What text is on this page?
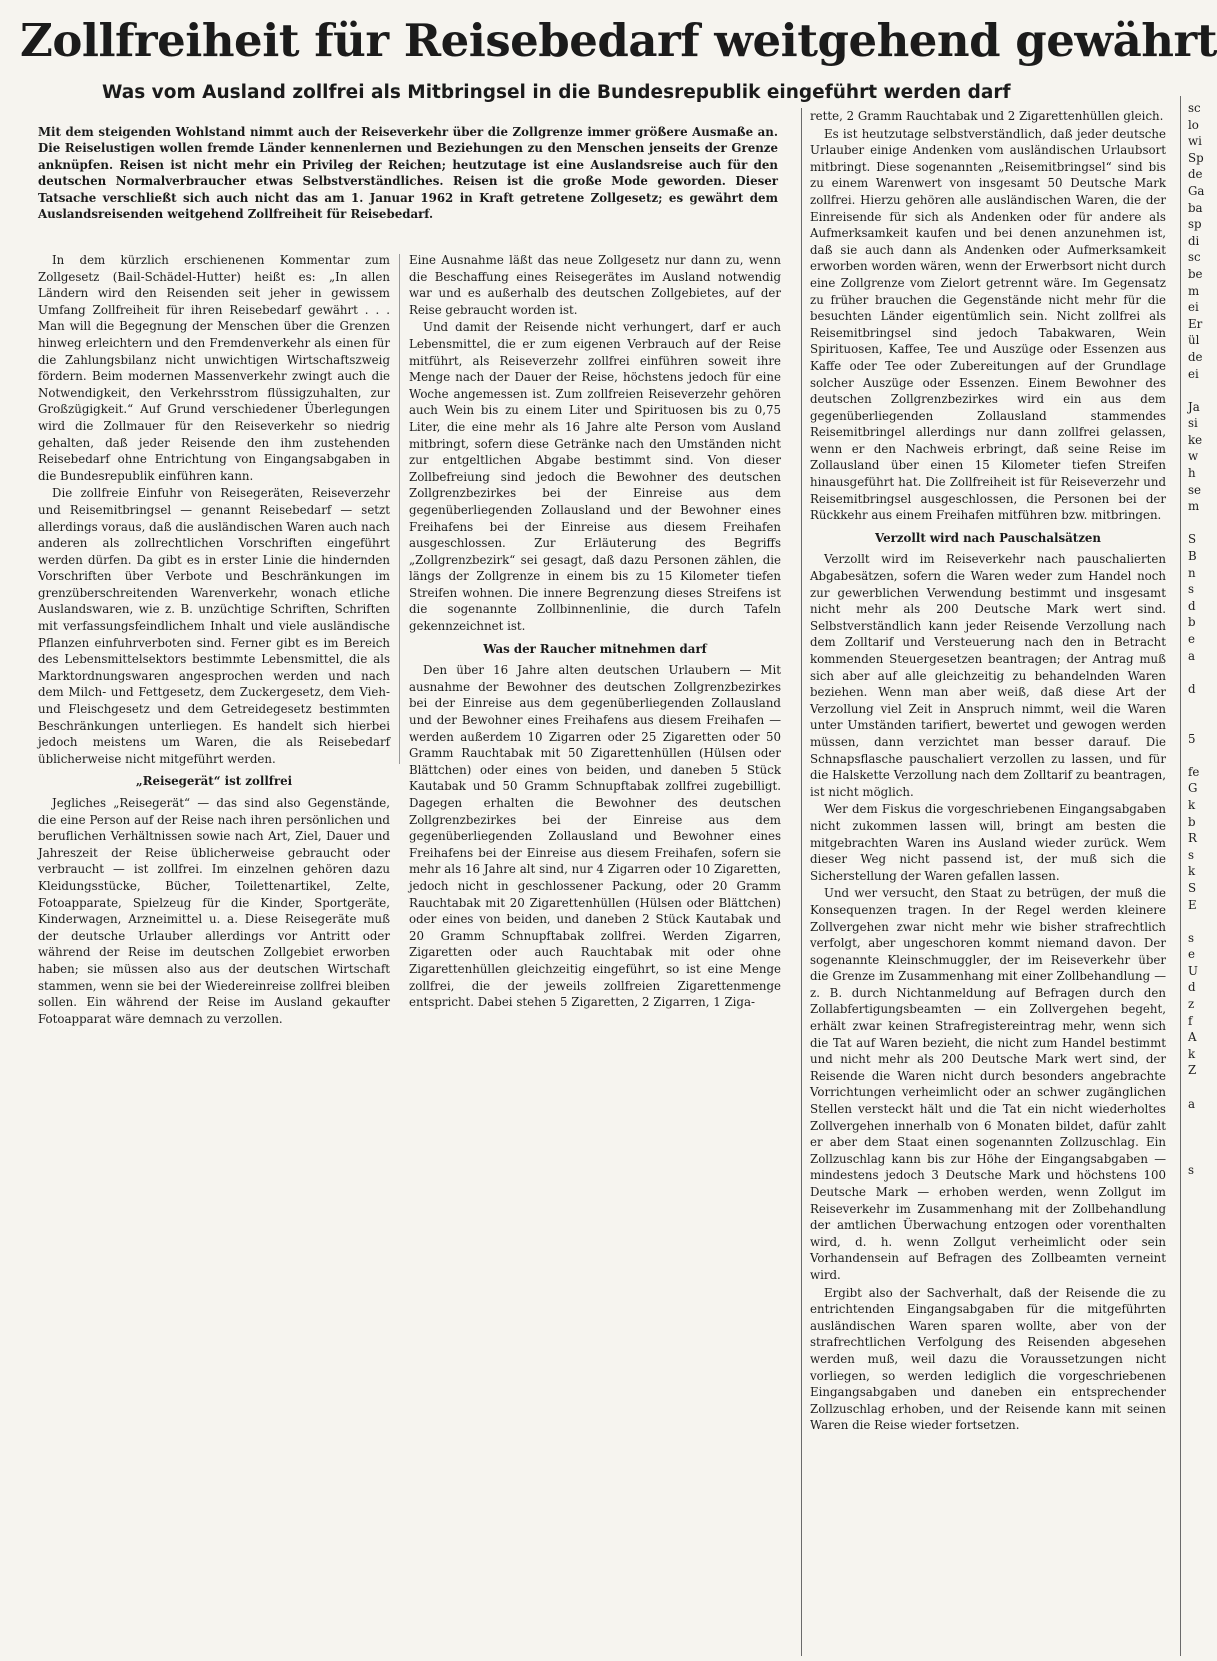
Zollfreiheit für Reisebedarf weitgehend gewährt
Was vom Ausland zollfrei als Mitbringsel in die Bundesrepublik eingeführt werden darf
Mit dem steigenden Wohlstand nimmt auch der Reiseverkehr über die Zollgrenze immer größere Ausmaße an. Die Reiselustigen wollen fremde Länder kennenlernen und Beziehungen zu den Menschen jenseits der Grenze anknüpfen. Reisen ist nicht mehr ein Privileg der Reichen; heutzutage ist eine Auslandsreise auch für den deutschen Normalverbraucher etwas Selbstverständliches. Reisen ist die große Mode geworden. Dieser Tatsache verschließt sich auch nicht das am 1. Januar 1962 in Kraft getretene Zollgesetz; es gewährt dem Auslandsreisenden weitgehend Zollfreiheit für Reisebedarf.

In dem kürzlich erschienenen Kommentar zum Zollgesetz (Bail-Schädel-Hutter) heißt es: „In allen Ländern wird den Reisenden seit jeher in gewissem Umfang Zollfreiheit für ihren Reisebedarf gewährt . . . Man will die Begegnung der Menschen über die Grenzen hinweg erleichtern und den Fremdenverkehr als einen für die Zahlungsbilanz nicht unwichtigen Wirtschaftszweig fördern. Beim modernen Massenverkehr zwingt auch die Notwendigkeit, den Verkehrsstrom flüssigzuhalten, zur Großzügigkeit.“ Auf Grund verschiedener Überlegungen wird die Zollmauer für den Reiseverkehr so niedrig gehalten, daß jeder Reisende den ihm zustehenden Reisebedarf ohne Entrichtung von Eingangsabgaben in die Bundesrepublik einführen kann.

Die zollfreie Einfuhr von Reisegeräten, Reiseverzehr und Reisemitbringsel — genannt Reisebedarf — setzt allerdings voraus, daß die ausländischen Waren auch nach anderen als zollrechtlichen Vorschriften eingeführt werden dürfen. Da gibt es in erster Linie die hindernden Vorschriften über Verbote und Beschränkungen im grenzüberschreitenden Warenverkehr, wonach etliche Auslandswaren, wie z. B. unzüchtige Schriften, Schriften mit verfassungsfeindlichem Inhalt und viele ausländische Pflanzen einfuhrverboten sind. Ferner gibt es im Bereich des Lebensmittelsektors bestimmte Lebensmittel, die als Marktordnungswaren angesprochen werden und nach dem Milch- und Fettgesetz, dem Zuckergesetz, dem Vieh- und Fleischgesetz und dem Getreidegesetz bestimmten Beschränkungen unterliegen. Es handelt sich hierbei jedoch meistens um Waren, die als Reisebedarf üblicherweise nicht mitgeführt werden.

„Reisegerät“ ist zollfrei

Jegliches „Reisegerät“ — das sind also Gegenstände, die eine Person auf der Reise nach ihren persönlichen und beruflichen Verhältnissen sowie nach Art, Ziel, Dauer und Jahreszeit der Reise üblicherweise gebraucht oder verbraucht — ist zollfrei. Im einzelnen gehören dazu Kleidungsstücke, Bücher, Toilettenartikel, Zelte, Fotoapparate, Spielzeug für die Kinder, Sportgeräte, Kinderwagen, Arzneimittel u. a. Diese Reisegeräte muß der deutsche Urlauber allerdings vor Antritt oder während der Reise im deutschen Zollgebiet erworben haben; sie müssen also aus der deutschen Wirtschaft stammen, wenn sie bei der Wiedereinreise zollfrei bleiben sollen. Ein während der Reise im Ausland gekaufter Fotoapparat wäre demnach zu verzollen.

Eine Ausnahme läßt das neue Zollgesetz nur dann zu, wenn die Beschaffung eines Reisegerätes im Ausland notwendig war und es außerhalb des deutschen Zollgebietes, auf der Reise gebraucht worden ist.

Und damit der Reisende nicht verhungert, darf er auch Lebensmittel, die er zum eigenen Verbrauch auf der Reise mitführt, als Reiseverzehr zollfrei einführen soweit ihre Menge nach der Dauer der Reise, höchstens jedoch für eine Woche angemessen ist. Zum zollfreien Reiseverzehr gehören auch Wein bis zu einem Liter und Spirituosen bis zu 0,75 Liter, die eine mehr als 16 Jahre alte Person vom Ausland mitbringt, sofern diese Getränke nach den Umständen nicht zur entgeltlichen Abgabe bestimmt sind. Von dieser Zollbefreiung sind jedoch die Bewohner des deutschen Zollgrenzbezirkes bei der Einreise aus dem gegenüberliegenden Zollausland und der Bewohner eines Freihafens bei der Einreise aus diesem Freihafen ausgeschlossen. Zur Erläuterung des Begriffs „Zollgrenzbezirk“ sei gesagt, daß dazu Personen zählen, die längs der Zollgrenze in einem bis zu 15 Kilometer tiefen Streifen wohnen. Die innere Begrenzung dieses Streifens ist die sogenannte Zollbinnenlinie, die durch Tafeln gekennzeichnet ist.

Was der Raucher mitnehmen darf

Den über 16 Jahre alten deutschen Urlaubern — Mit ausnahme der Bewohner des deutschen Zollgrenzbezirkes bei der Einreise aus dem gegenüberliegenden Zollausland und der Bewohner eines Freihafens aus diesem Freihafen — werden außerdem 10 Zigarren oder 25 Zigaretten oder 50 Gramm Rauchtabak mit 50 Zigarettenhüllen (Hülsen oder Blättchen) oder eines von beiden, und daneben 5 Stück Kautabak und 50 Gramm Schnupftabak zollfrei zugebilligt. Dagegen erhalten die Bewohner des deutschen Zollgrenzbezirkes bei der Einreise aus dem gegenüberliegenden Zollausland und Bewohner eines Freihafens bei der Einreise aus diesem Freihafen, sofern sie mehr als 16 Jahre alt sind, nur 4 Zigarren oder 10 Zigaretten, jedoch nicht in geschlossener Packung, oder 20 Gramm Rauchtabak mit 20 Zigarettenhüllen (Hülsen oder Blättchen) oder eines von beiden, und daneben 2 Stück Kautabak und 20 Gramm Schnupftabak zollfrei. Werden Zigarren, Zigaretten oder auch Rauchtabak mit oder ohne Zigarettenhüllen gleichzeitig eingeführt, so ist eine Menge zollfrei, die der jeweils zollfreien Zigarettenmenge entspricht. Dabei stehen 5 Zigaretten, 2 Zigarren, 1 Ziga-

rette, 2 Gramm Rauchtabak und 2 Zigarettenhüllen gleich.

Es ist heutzutage selbstverständlich, daß jeder deutsche Urlauber einige Andenken vom ausländischen Urlaubsort mitbringt. Diese sogenannten „Reisemitbringsel“ sind bis zu einem Warenwert von insgesamt 50 Deutsche Mark zollfrei. Hierzu gehören alle ausländischen Waren, die der Einreisende für sich als Andenken oder für andere als Aufmerksamkeit kaufen und bei denen anzunehmen ist, daß sie auch dann als Andenken oder Aufmerksamkeit erworben worden wären, wenn der Erwerbsort nicht durch eine Zollgrenze vom Zielort getrennt wäre. Im Gegensatz zu früher brauchen die Gegenstände nicht mehr für die besuchten Länder eigentümlich sein. Nicht zollfrei als Reisemitbringsel sind jedoch Tabakwaren, Wein Spirituosen, Kaffee, Tee und Auszüge oder Essenzen aus Kaffe oder Tee oder Zubereitungen auf der Grundlage solcher Auszüge oder Essenzen. Einem Bewohner des deutschen Zollgrenzbezirkes wird ein aus dem gegenüberliegenden Zollausland stammendes Reisemitbringel allerdings nur dann zollfrei gelassen, wenn er den Nachweis erbringt, daß seine Reise im Zollausland über einen 15 Kilometer tiefen Streifen hinausgeführt hat. Die Zollfreiheit ist für Reiseverzehr und Reisemitbringsel ausgeschlossen, die Personen bei der Rückkehr aus einem Freihafen mitführen bzw. mitbringen.

Verzollt wird nach Pauschalsätzen

Verzollt wird im Reiseverkehr nach pauschalierten Abgabesätzen, sofern die Waren weder zum Handel noch zur gewerblichen Verwendung bestimmt und insgesamt nicht mehr als 200 Deutsche Mark wert sind. Selbstverständlich kann jeder Reisende Verzollung nach dem Zolltarif und Versteuerung nach den in Betracht kommenden Steuergesetzen beantragen; der Antrag muß sich aber auf alle gleichzeitig zu behandelnden Waren beziehen. Wenn man aber weiß, daß diese Art der Verzollung viel Zeit in Anspruch nimmt, weil die Waren unter Umständen tarifiert, bewertet und gewogen werden müssen, dann verzichtet man besser darauf. Die Schnapsflasche pauschaliert verzollen zu lassen, und für die Halskette Verzollung nach dem Zolltarif zu beantragen, ist nicht möglich.

Wer dem Fiskus die vorgeschriebenen Eingangsabgaben nicht zukommen lassen will, bringt am besten die mitgebrachten Waren ins Ausland wieder zurück. Wem dieser Weg nicht passend ist, der muß sich die Sicherstellung der Waren gefallen lassen.

Und wer versucht, den Staat zu betrügen, der muß die Konsequenzen tragen. In der Regel werden kleinere Zollvergehen zwar nicht mehr wie bisher strafrechtlich verfolgt, aber ungeschoren kommt niemand davon. Der sogenannte Kleinschmuggler, der im Reiseverkehr über die Grenze im Zusammenhang mit einer Zollbehandlung — z. B. durch Nichtanmeldung auf Befragen durch den Zollabfertigungsbeamten — ein Zollvergehen begeht, erhält zwar keinen Strafregistereintrag mehr, wenn sich die Tat auf Waren bezieht, die nicht zum Handel bestimmt und nicht mehr als 200 Deutsche Mark wert sind, der Reisende die Waren nicht durch besonders angebrachte Vorrichtungen verheimlicht oder an schwer zugänglichen Stellen versteckt hält und die Tat ein nicht wiederholtes Zollvergehen innerhalb von 6 Monaten bildet, dafür zahlt er aber dem Staat einen sogenannten Zollzuschlag. Ein Zollzuschlag kann bis zur Höhe der Eingangsabgaben — mindestens jedoch 3 Deutsche Mark und höchstens 100 Deutsche Mark — erhoben werden, wenn Zollgut im Reiseverkehr im Zusammenhang mit der Zollbehandlung der amtlichen Überwachung entzogen oder vorenthalten wird, d. h. wenn Zollgut verheimlicht oder sein Vorhandensein auf Befragen des Zollbeamten verneint wird.

Ergibt also der Sachverhalt, daß der Reisende die zu entrichtenden Eingangsabgaben für die mitgeführten ausländischen Waren sparen wollte, aber von der strafrechtlichen Verfolgung des Reisenden abgesehen werden muß, weil dazu die Voraussetzungen nicht vorliegen, so werden lediglich die vorgeschriebenen Eingangsabgaben und daneben ein entsprechender Zollzuschlag erhoben, und der Reisende kann mit seinen Waren die Reise wieder fortsetzen.

sc
lo
wi
Sp
de
Ga
ba
sp
di
sc
be
m
ei
Er
ül
de
ei

Ja
si
ke
w
h
se
m

S
B
n
s
d
b
e
a

d

5

fe
G
k
b
R
s
k
S
E

s
e
U
d
z
f
A
k
Z

a

s
